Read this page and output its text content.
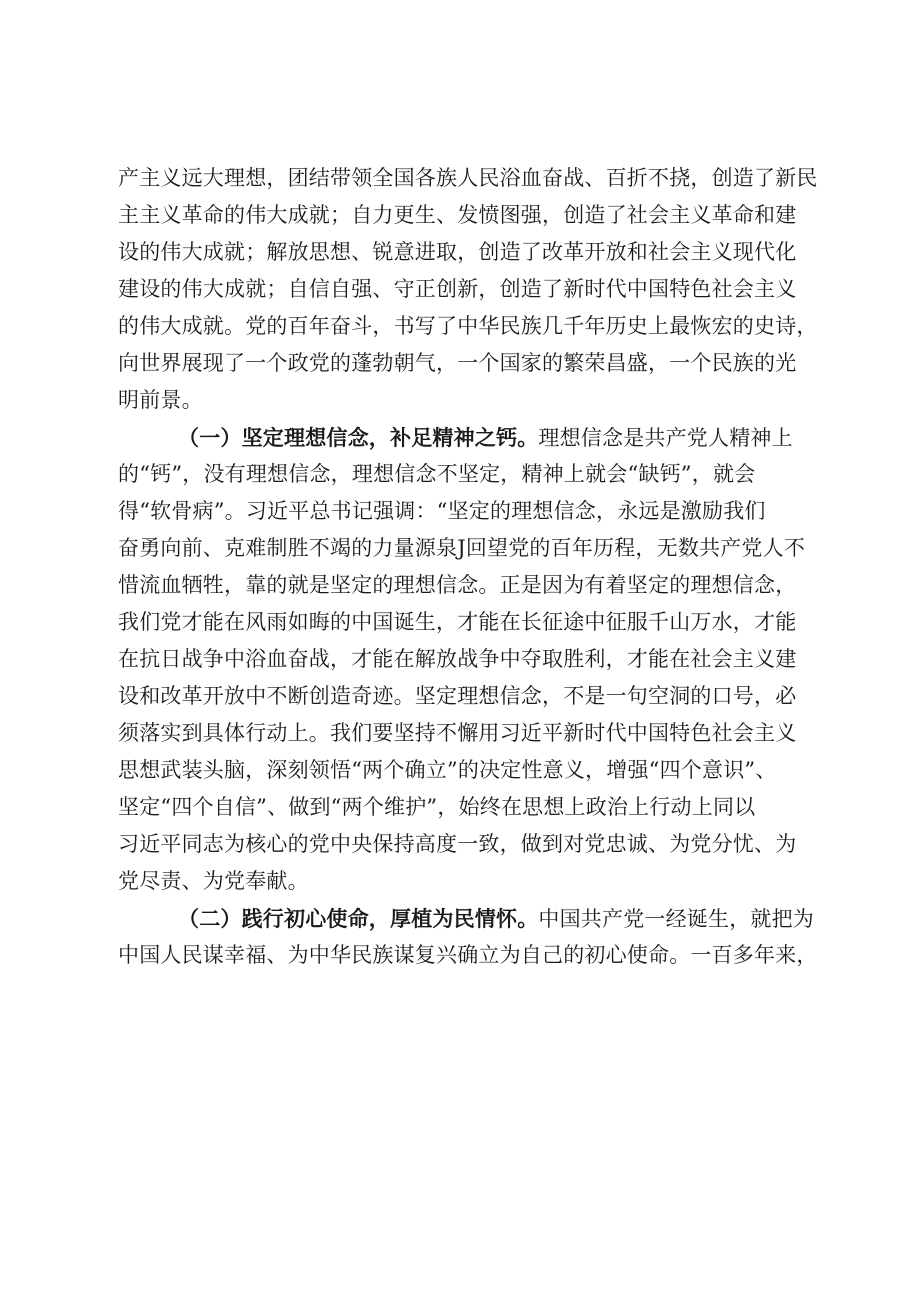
产主义远大理想，团结带领全国各族人民浴血奋战、百折不挠，创造了新民
主主义革命的伟大成就；自力更生、发愤图强，创造了社会主义革命和建
设的伟大成就；解放思想、锐意进取，创造了改革开放和社会主义现代化
建设的伟大成就；自信自强、守正创新，创造了新时代中国特色社会主义
的伟大成就。党的百年奋斗，书写了中华民族几千年历史上最恢宏的史诗，
向世界展现了一个政党的蓬勃朝气，一个国家的繁荣昌盛，一个民族的光
明前景。
（一）坚定理想信念，补足精神之钙。理想信念是共产党人精神上
的“钙”，没有理想信念，理想信念不坚定，精神上就会“缺钙”，就会
得“软骨病”。习近平总书记强调：“坚定的理想信念，永远是激励我们
奋勇向前、克难制胜不竭的力量源泉J回望党的百年历程，无数共产党人不
惜流血牺牲，靠的就是坚定的理想信念。正是因为有着坚定的理想信念，
我们党才能在风雨如晦的中国诞生，才能在长征途中征服千山万水，才能
在抗日战争中浴血奋战，才能在解放战争中夺取胜利，才能在社会主义建
设和改革开放中不断创造奇迹。坚定理想信念，不是一句空洞的口号，必
须落实到具体行动上。我们要坚持不懈用习近平新时代中国特色社会主义
思想武装头脑，深刻领悟“两个确立”的决定性意义，增强“四个意识”、
坚定“四个自信”、做到“两个维护”，始终在思想上政治上行动上同以
习近平同志为核心的党中央保持高度一致，做到对党忠诚、为党分忧、为
党尽责、为党奉献。
（二）践行初心使命，厚植为民情怀。中国共产党一经诞生，就把为
中国人民谋幸福、为中华民族谋复兴确立为自己的初心使命。一百多年来，
